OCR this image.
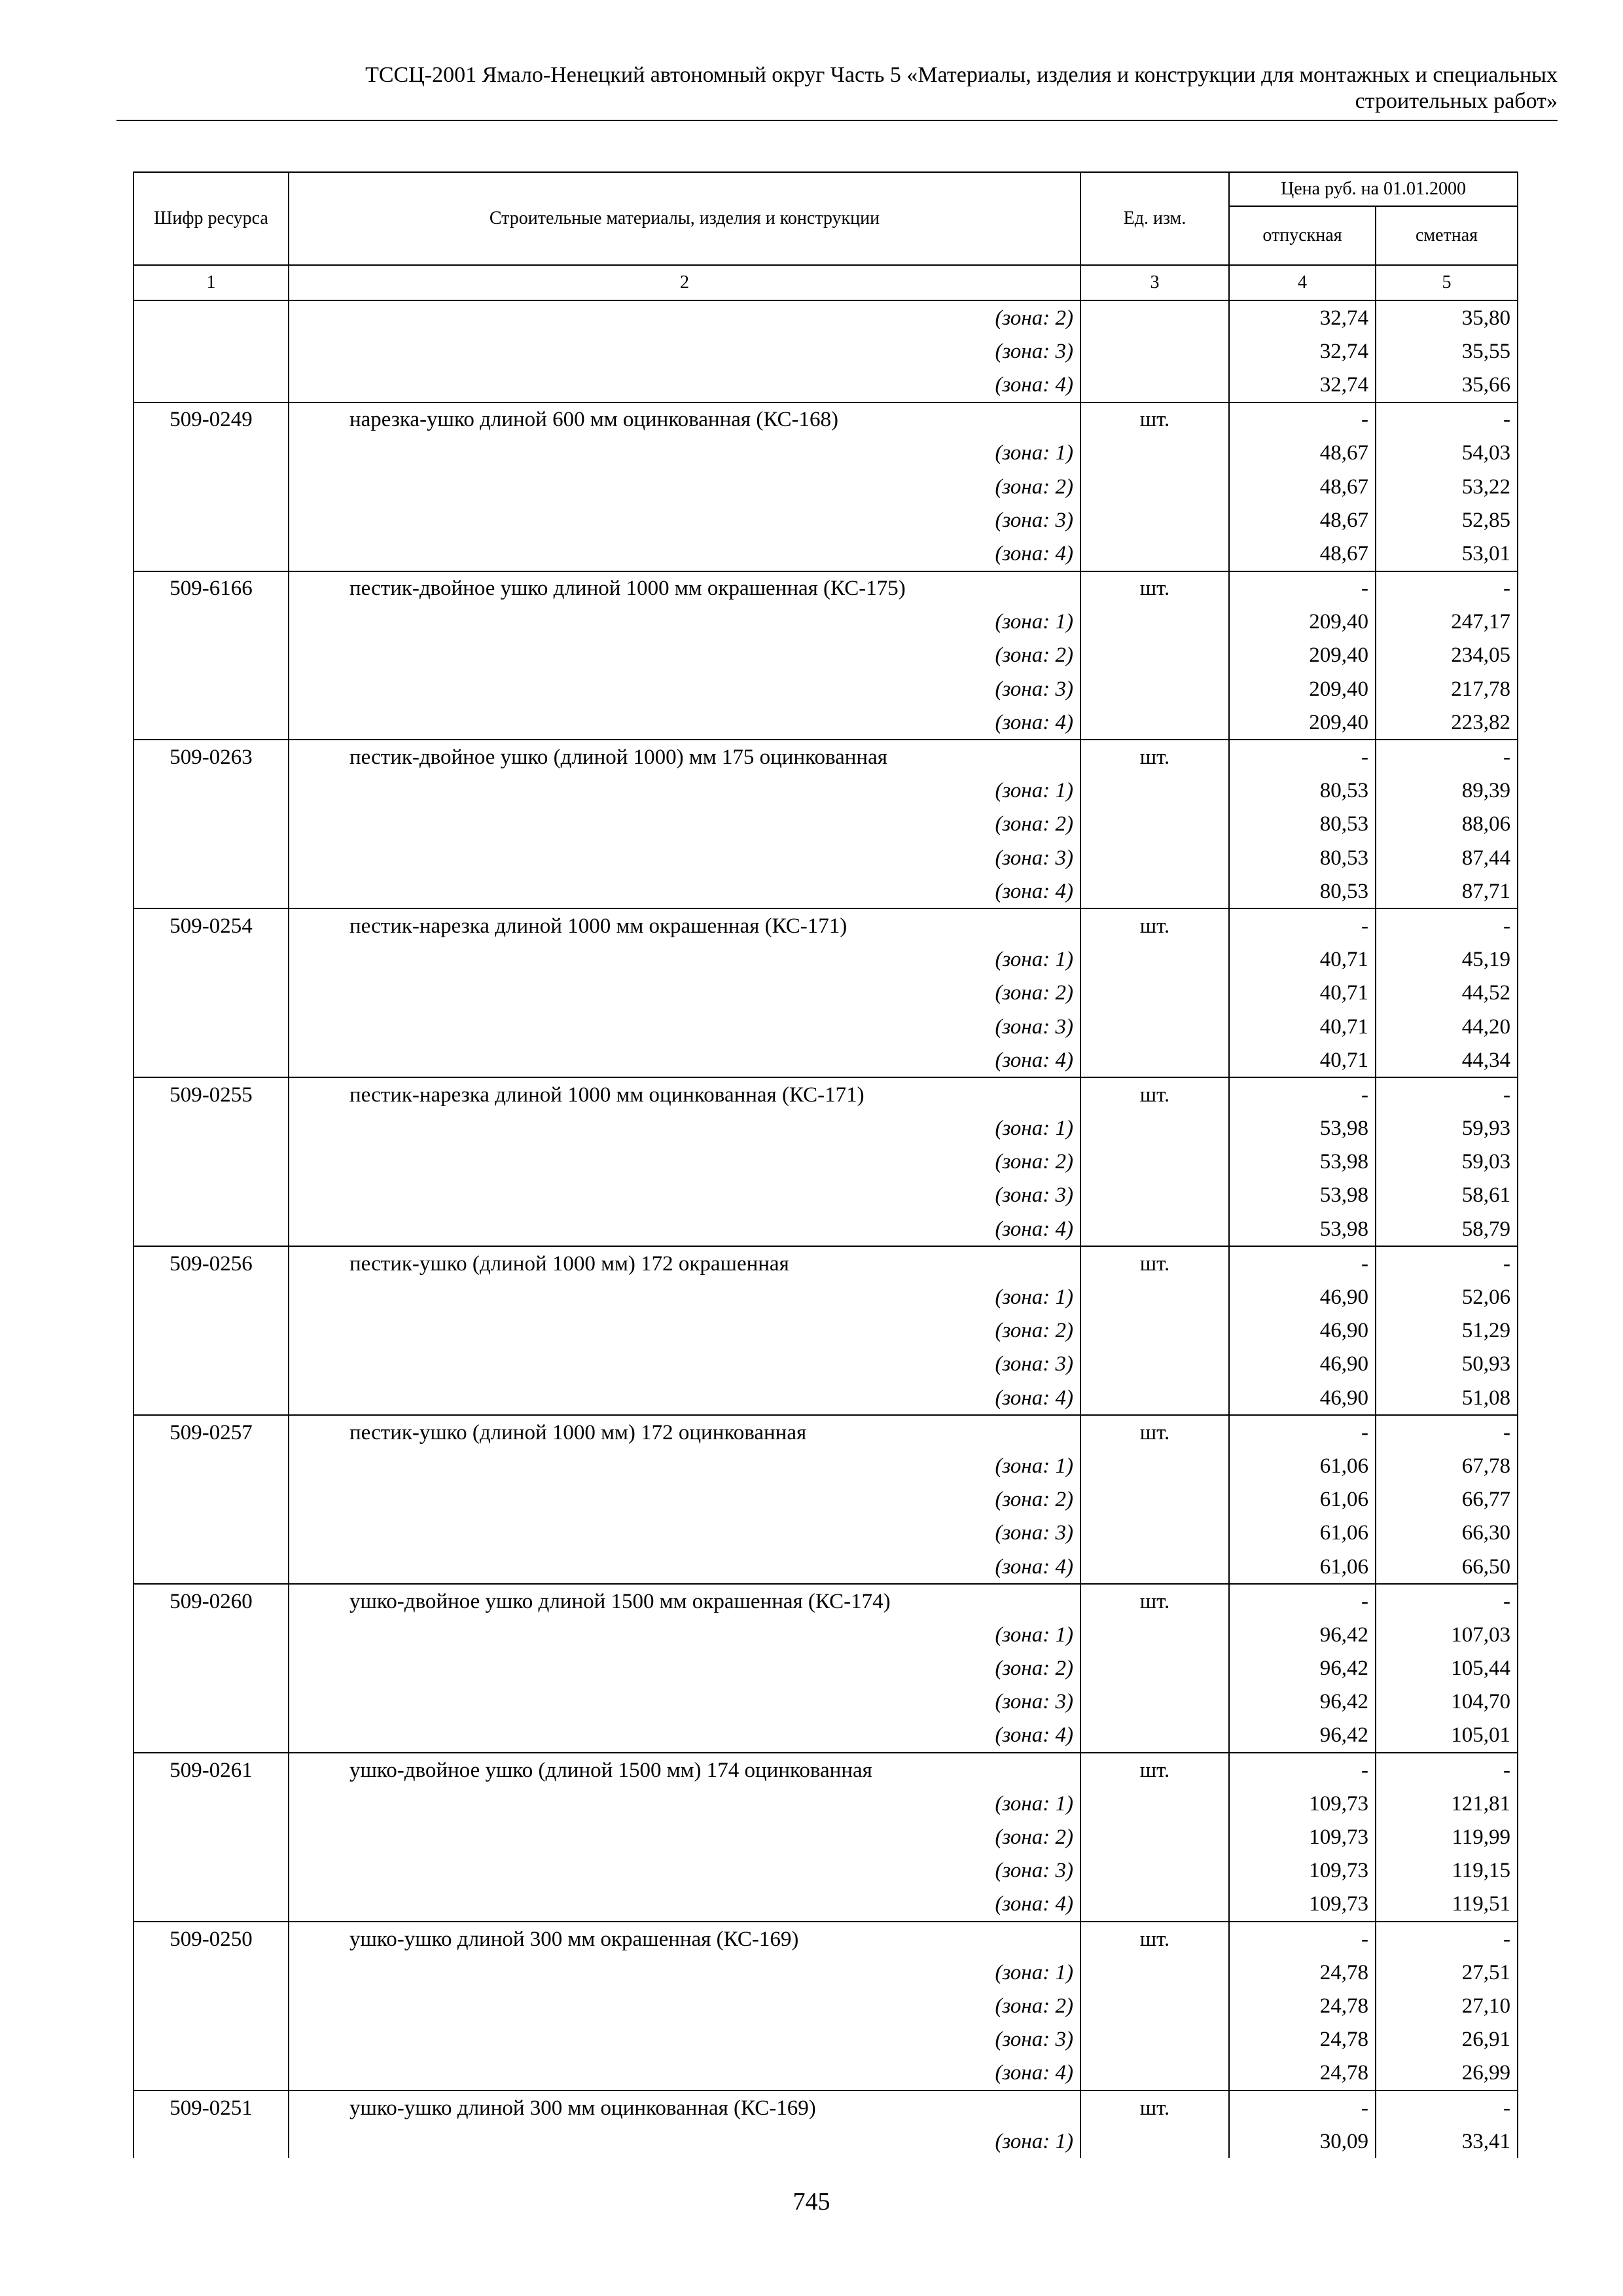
ТССЦ-2001 Ямало-Ненецкий автономный округ Часть 5 «Материалы, изделия и конструкции для монтажных и специальных
строительных работ»
Шифр ресурса	Строительные материалы, изделия и конструкции	Ед. изм.	Цена руб. на 01.01.2000	
			отпускная	сметная
1	2	3	4	5
	(зона: 2)		32,74	35,80
	(зона: 3)		32,74	35,55
	(зона: 4)		32,74	35,66
509-0249	нарезка-ушко длиной 600 мм оцинкованная (КС-168)	шт.	-	-
	(зона: 1)		48,67	54,03
	(зона: 2)		48,67	53,22
	(зона: 3)		48,67	52,85
	(зона: 4)		48,67	53,01
509-6166	пестик-двойное ушко длиной 1000 мм окрашенная (КС-175)	шт.	-	-
	(зона: 1)		209,40	247,17
	(зона: 2)		209,40	234,05
	(зона: 3)		209,40	217,78
	(зона: 4)		209,40	223,82
509-0263	пестик-двойное ушко (длиной 1000) мм 175 оцинкованная	шт.	-	-
	(зона: 1)		80,53	89,39
	(зона: 2)		80,53	88,06
	(зона: 3)		80,53	87,44
	(зона: 4)		80,53	87,71
509-0254	пестик-нарезка длиной 1000 мм окрашенная (КС-171)	шт.	-	-
	(зона: 1)		40,71	45,19
	(зона: 2)		40,71	44,52
	(зона: 3)		40,71	44,20
	(зона: 4)		40,71	44,34
509-0255	пестик-нарезка длиной 1000 мм оцинкованная (КС-171)	шт.	-	-
	(зона: 1)		53,98	59,93
	(зона: 2)		53,98	59,03
	(зона: 3)		53,98	58,61
	(зона: 4)		53,98	58,79
509-0256	пестик-ушко (длиной 1000 мм) 172 окрашенная	шт.	-	-
	(зона: 1)		46,90	52,06
	(зона: 2)		46,90	51,29
	(зона: 3)		46,90	50,93
	(зона: 4)		46,90	51,08
509-0257	пестик-ушко (длиной 1000 мм) 172 оцинкованная	шт.	-	-
	(зона: 1)		61,06	67,78
	(зона: 2)		61,06	66,77
	(зона: 3)		61,06	66,30
	(зона: 4)		61,06	66,50
509-0260	ушко-двойное ушко длиной 1500 мм окрашенная (КС-174)	шт.	-	-
	(зона: 1)		96,42	107,03
	(зона: 2)		96,42	105,44
	(зона: 3)		96,42	104,70
	(зона: 4)		96,42	105,01
509-0261	ушко-двойное ушко (длиной 1500 мм) 174 оцинкованная	шт.	-	-
	(зона: 1)		109,73	121,81
	(зона: 2)		109,73	119,99
	(зона: 3)		109,73	119,15
	(зона: 4)		109,73	119,51
509-0250	ушко-ушко длиной 300 мм окрашенная (КС-169)	шт.	-	-
	(зона: 1)		24,78	27,51
	(зона: 2)		24,78	27,10
	(зона: 3)		24,78	26,91
	(зона: 4)		24,78	26,99
509-0251	ушко-ушко длиной 300 мм оцинкованная (КС-169)	шт.	-	-
	(зона: 1)		30,09	33,41
745
